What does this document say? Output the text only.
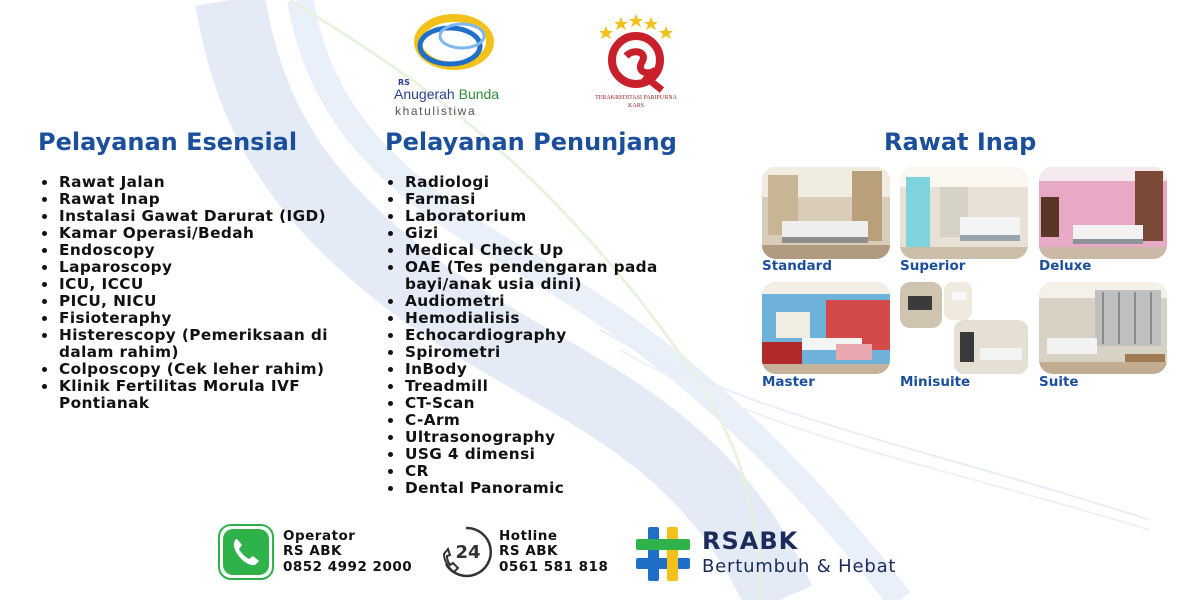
RS
Anugerah Bunda
khatulistiwa
TERAKREDITASI PARIPURNA
KARS
Pelayanan Esensial	Pelayanan Penunjang	Rawat Inap
Rawat Jalan
Rawat Inap
Instalasi Gawat Darurat (IGD)
Kamar Operasi/Bedah
Endoscopy
Laparoscopy
ICU, ICCU
PICU, NICU
Fisioteraphy
Histerescopy (Pemeriksaan di dalam rahim)
Colposcopy (Cek leher rahim)
Klinik Fertilitas Morula IVF Pontianak
Radiologi
Farmasi
Laboratorium
Gizi
Medical Check Up
OAE (Tes pendengaran pada bayi/anak usia dini)
Audiometri
Hemodialisis
Echocardiography
Spirometri
InBody
Treadmill
CT-Scan
C-Arm
Ultrasonography
USG 4 dimensi
CR
Dental Panoramic
Standard	Superior	Deluxe
Master	Minisuite	Suite
Operator
RS ABK
0852 4992 2000
24
Hotline
RS ABK
0561 581 818
RSABK
Bertumbuh & Hebat
